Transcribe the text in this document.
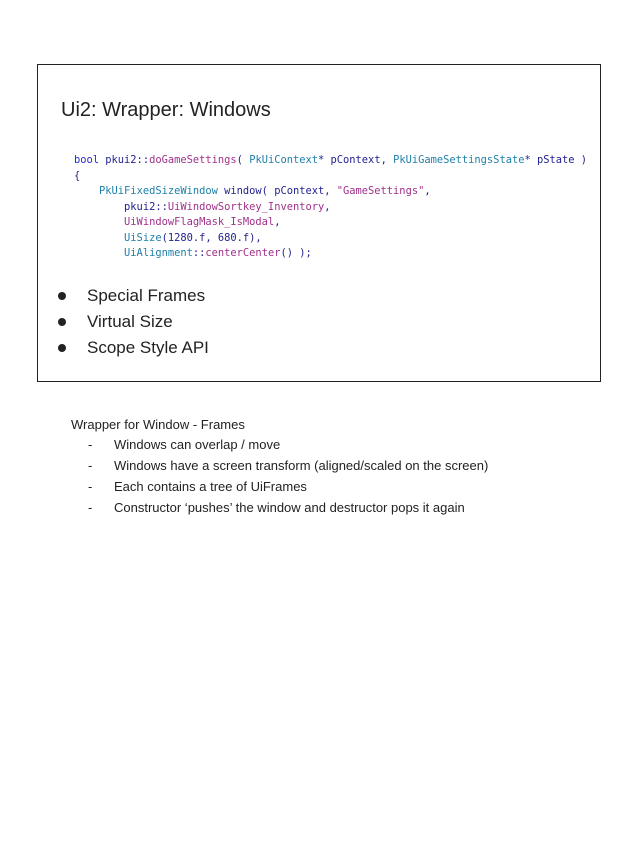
Ui2: Wrapper: Windows
bool pkui2::doGameSettings( PkUiContext* pContext, PkUiGameSettingsState* pState )
{
PkUiFixedSizeWindow window( pContext, "GameSettings",
pkui2::UiWindowSortkey_Inventory,
UiWindowFlagMask_IsModal,
UiSize(1280.f, 680.f),
UiAlignment::centerCenter() );
Special Frames
Virtual Size
Scope Style API
Wrapper for Window - Frames
-	Windows can overlap / move
-	Windows have a screen transform (aligned/scaled on the screen)
-	Each contains a tree of UiFrames
-	Constructor ‘pushes’ the window and destructor pops it again
